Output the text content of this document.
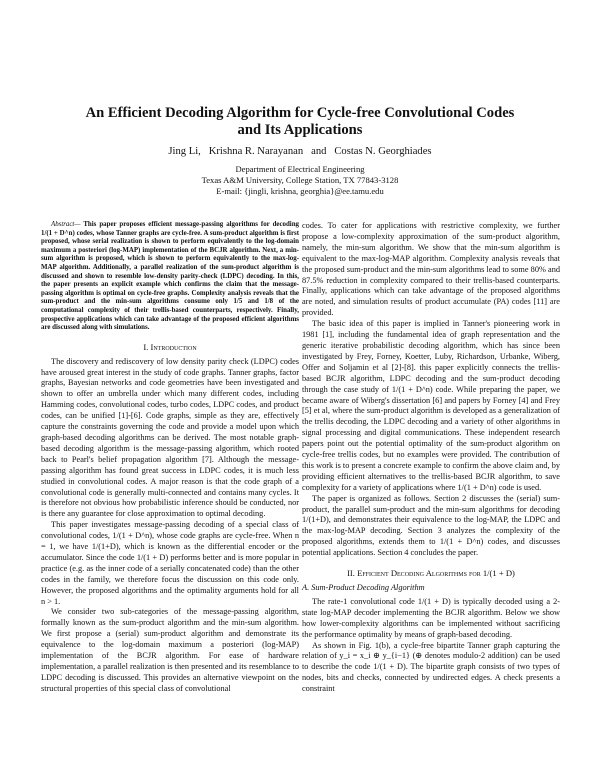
An Efficient Decoding Algorithm for Cycle-free Convolutional Codes
and Its Applications
Jing Li,   Krishna R. Narayanan   and   Costas N. Georghiades
Department of Electrical Engineering
Texas A&M University, College Station, TX 77843-3128
E-mail: {jingli, krishna, georghia}@ee.tamu.edu

Abstract— This paper proposes efficient message-passing algorithms for decoding 1/(1 + D^n) codes, whose Tanner graphs are cycle-free. A sum-product algorithm is first proposed, whose serial realization is shown to perform equivalently to the log-domain maximum a posteriori (log-MAP) implementation of the BCJR algorithm. Next, a min-sum algorithm is proposed, which is shown to perform equivalently to the max-log-MAP algorithm. Additionally, a parallel realization of the sum-product algorithm is discussed and shown to resemble low-density parity-check (LDPC) decoding. In this, the paper presents an explicit example which confirms the claim that the message-passing algorithm is optimal on cycle-free graphs. Complexity analysis reveals that the sum-product and the min-sum algorithms consume only 1/5 and 1/8 of the computational complexity of their trellis-based counterparts, respectively. Finally, prospective applications which can take advantage of the proposed efficient algorithms are discussed along with simulations.

I. Introduction

The discovery and rediscovery of low density parity check (LDPC) codes have aroused great interest in the study of code graphs. Tanner graphs, factor graphs, Bayesian networks and code geometries have been investigated and shown to offer an umbrella under which many different codes, including Hamming codes, convolutional codes, turbo codes, LDPC codes, and product codes, can be unified [1]-[6]. Code graphs, simple as they are, effectively capture the constraints governing the code and provide a model upon which graph-based decoding algorithms can be derived. The most notable graph-based decoding algorithm is the message-passing algorithm, which rooted back to Pearl's belief propagation algorithm [7]. Although the message-passing algorithm has found great success in LDPC codes, it is much less studied in convolutional codes. A major reason is that the code graph of a convolutional code is generally multi-connected and contains many cycles. It is therefore not obvious how probabilistic inference should be conducted, nor is there any guarantee for close approximation to optimal decoding.

This paper investigates message-passing decoding of a special class of convolutional codes, 1/(1 + D^n), whose code graphs are cycle-free. When n = 1, we have 1/(1+D), which is known as the differential encoder or the accumulator. Since the code 1/(1 + D) performs better and is more popular in practice (e.g. as the inner code of a serially concatenated code) than the other codes in the family, we therefore focus the discussion on this code only. However, the proposed algorithms and the optimality arguments hold for all n > 1.

We consider two sub-categories of the message-passing algorithm, formally known as the sum-product algorithm and the min-sum algorithm. We first propose a (serial) sum-product algorithm and demonstrate its equivalence to the log-domain maximum a posteriori (log-MAP) implementation of the BCJR algorithm. For ease of hardware implementation, a parallel realization is then presented and its resemblance to LDPC decoding is discussed. This provides an alternative viewpoint on the structural properties of this special class of convolutional

codes. To cater for applications with restrictive complexity, we further propose a low-complexity approximation of the sum-product algorithm, namely, the min-sum algorithm. We show that the min-sum algorithm is equivalent to the max-log-MAP algorithm. Complexity analysis reveals that the proposed sum-product and the min-sum algorithms lead to some 80% and 87.5% reduction in complexity compared to their trellis-based counterparts. Finally, applications which can take advantage of the proposed algorithms are noted, and simulation results of product accumulate (PA) codes [11] are provided.

The basic idea of this paper is implied in Tanner's pioneering work in 1981 [1], including the fundamental idea of graph representation and the generic iterative probabilistic decoding algorithm, which has since been investigated by Frey, Forney, Koetter, Luby, Richardson, Urbanke, Wiberg, Offer and Soljamin et al [2]-[8]. this paper explicitly connects the trellis-based BCJR algorithm, LDPC decoding and the sum-product decoding through the case study of 1/(1 + D^n) code. While preparing the paper, we became aware of Wiberg's dissertation [6] and papers by Forney [4] and Frey [5] et al, where the sum-product algorithm is developed as a generalization of the trellis decoding, the LDPC decoding and a variety of other algorithms in signal processing and digital communications. These independent research papers point out the potential optimality of the sum-product algorithm on cycle-free trellis codes, but no examples were provided. The contribution of this work is to present a concrete example to confirm the above claim and, by providing efficient alternatives to the trellis-based BCJR algorithm, to save complexity for a variety of applications where 1/(1 + D^n) code is used.

The paper is organized as follows. Section 2 discusses the (serial) sum-product, the parallel sum-product and the min-sum algorithms for decoding 1/(1+D), and demonstrates their equivalence to the log-MAP, the LDPC and the max-log-MAP decoding. Section 3 analyzes the complexity of the proposed algorithms, extends them to 1/(1 + D^n) codes, and discusses potential applications. Section 4 concludes the paper.

II. Efficient Decoding Algorithms for 1/(1 + D)

A. Sum-Product Decoding Algorithm

The rate-1 convolutional code 1/(1 + D) is typically decoded using a 2-state log-MAP decoder implementing the BCJR algorithm. Below we show how lower-complexity algorithms can be implemented without sacrificing the performance optimality by means of graph-based decoding.

As shown in Fig. 1(b), a cycle-free bipartite Tanner graph capturing the relation of y_i = x_i ⊕ y_{i−1} (⊕ denotes modulo-2 addition) can be used to describe the code 1/(1 + D). The bipartite graph consists of two types of nodes, bits and checks, connected by undirected edges. A check presents a constraint
